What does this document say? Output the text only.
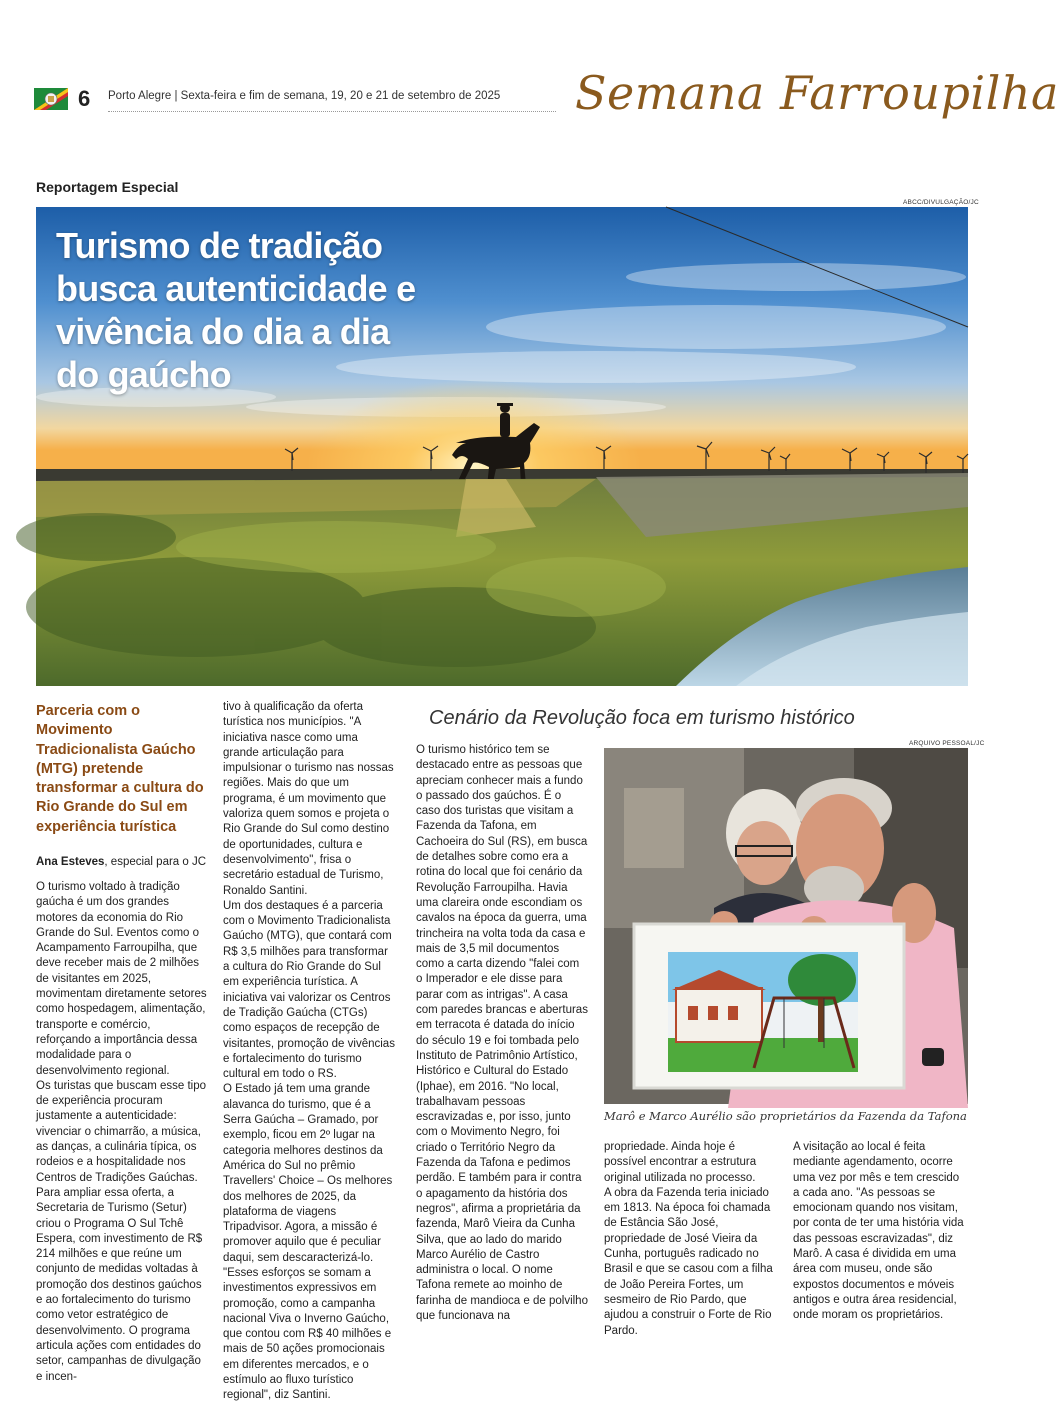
6 Porto Alegre | Sexta-feira e fim de semana, 19, 20 e 21 de setembro de 2025 Semana Farroupilha
Reportagem Especial
ABCC/DIVULGAÇÃO/JC
Turismo de tradição busca autenticidade e vivência do dia a dia do gaúcho
Parceria com o Movimento Tradicionalista Gaúcho (MTG) pretende transformar a cultura do Rio Grande do Sul em experiência turística
Ana Esteves, especial para o JC
O turismo voltado à tradição gaúcha é um dos grandes motores da economia do Rio Grande do Sul. Eventos como o Acampamento Farroupilha, que deve receber mais de 2 milhões de visitantes em 2025, movimentam diretamente setores como hospedagem, alimentação, transporte e comércio, reforçando a importância dessa modalidade para o desenvolvimento regional.
Os turistas que buscam esse tipo de experiência procuram justamente a autenticidade: vivenciar o chimarrão, a música, as danças, a culinária típica, os rodeios e a hospitalidade nos Centros de Tradições Gaúchas. Para ampliar essa oferta, a Secretaria de Turismo (Setur) criou o Programa O Sul Tchê Espera, com investimento de R$ 214 milhões e que reúne um conjunto de medidas voltadas à promoção dos destinos gaúchos e ao fortalecimento do turismo como vetor estratégico de desenvolvimento. O programa articula ações com entidades do setor, campanhas de divulgação e incen-
tivo à qualificação da oferta turística nos municípios. "A iniciativa nasce como uma grande articulação para impulsionar o turismo nas nossas regiões. Mais do que um programa, é um movimento que valoriza quem somos e projeta o Rio Grande do Sul como destino de oportunidades, cultura e desenvolvimento", frisa o secretário estadual de Turismo, Ronaldo Santini.
Um dos destaques é a parceria com o Movimento Tradicionalista Gaúcho (MTG), que contará com R$ 3,5 milhões para transformar a cultura do Rio Grande do Sul em experiência turística. A iniciativa vai valorizar os Centros de Tradição Gaúcha (CTGs) como espaços de recepção de visitantes, promoção de vivências e fortalecimento do turismo cultural em todo o RS.
O Estado já tem uma grande alavanca do turismo, que é a Serra Gaúcha – Gramado, por exemplo, ficou em 2º lugar na categoria melhores destinos da América do Sul no prêmio Travellers' Choice – Os melhores dos melhores de 2025, da plataforma de viagens Tripadvisor. Agora, a missão é promover aquilo que é peculiar daqui, sem descaracterizá-lo. "Esses esforços se somam a investimentos expressivos em promoção, como a campanha nacional Viva o Inverno Gaúcho, que contou com R$ 40 milhões e mais de 50 ações promocionais em diferentes mercados, e o estímulo ao fluxo turístico regional", diz Santini.
Cenário da Revolução foca em turismo histórico
ARQUIVO PESSOAL/JC
O turismo histórico tem se destacado entre as pessoas que apreciam conhecer mais a fundo o passado dos gaúchos. É o caso dos turistas que visitam a Fazenda da Tafona, em Cachoeira do Sul (RS), em busca de detalhes sobre como era a rotina do local que foi cenário da Revolução Farroupilha. Havia uma clareira onde escondiam os cavalos na época da guerra, uma trincheira na volta toda da casa e mais de 3,5 mil documentos como a carta dizendo "falei com o Imperador e ele disse para parar com as intrigas". A casa com paredes brancas e aberturas em terracota é datada do início do século 19 e foi tombada pelo Instituto de Patrimônio Artístico, Histórico e Cultural do Estado (Iphae), em 2016. "No local, trabalhavam pessoas escravizadas e, por isso, junto com o Movimento Negro, foi criado o Território Negro da Fazenda da Tafona e pedimos perdão. E também para ir contra o apagamento da história dos negros", afirma a proprietária da fazenda, Marô Vieira da Cunha Silva, que ao lado do marido Marco Aurélio de Castro administra o local. O nome Tafona remete ao moinho de farinha de mandioca e de polvilho que funcionava na
Marô e Marco Aurélio são proprietários da Fazenda da Tafona
propriedade. Ainda hoje é possível encontrar a estrutura original utilizada no processo.
A obra da Fazenda teria iniciado em 1813. Na época foi chamada de Estância São José, propriedade de José Vieira da Cunha, português radicado no Brasil e que se casou com a filha de João Pereira Fortes, um sesmeiro de Rio Pardo, que ajudou a construir o Forte de Rio Pardo.
A visitação ao local é feita mediante agendamento, ocorre uma vez por mês e tem crescido a cada ano. "As pessoas se emocionam quando nos visitam, por conta de ter uma história vida das pessoas escravizadas", diz Marô. A casa é dividida em uma área com museu, onde são expostos documentos e móveis antigos e outra área residencial, onde moram os proprietários.
